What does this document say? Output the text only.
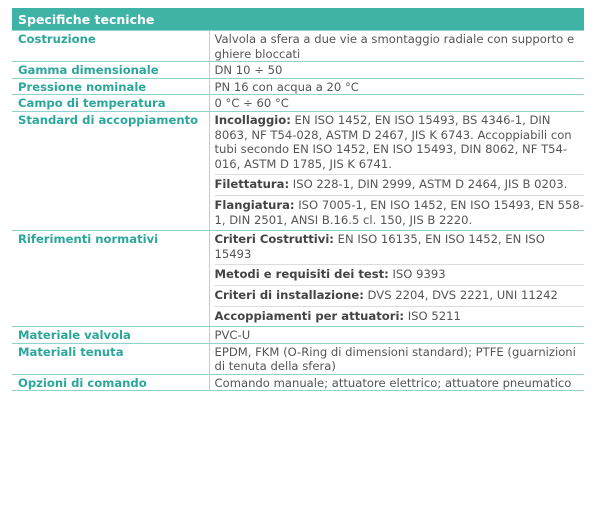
Specifiche tecniche
Costruzione	Valvola a sfera a due vie a smontaggio radiale con supporto e ghiere bloccati
Gamma dimensionale	DN 10 ÷ 50
Pressione nominale	PN 16 con acqua a 20 °C
Campo di temperatura	0 °C ÷ 60 °C
Standard di accoppiamento	Incollaggio: EN ISO 1452, EN ISO 15493, BS 4346-1, DIN 8063, NF T54-028, ASTM D 2467, JIS K 6743. Accoppiabili con tubi secondo EN ISO 1452, EN ISO 15493, DIN 8062, NF T54-016, ASTM D 1785, JIS K 6741.
Filettatura: ISO 228-1, DIN 2999, ASTM D 2464, JIS B 0203.
Flangiatura: ISO 7005-1, EN ISO 1452, EN ISO 15493, EN 558-1, DIN 2501, ANSI B.16.5 cl. 150, JIS B 2220.

Riferimenti normativi	Criteri Costruttivi: EN ISO 16135, EN ISO 1452, EN ISO 15493
Metodi e requisiti dei test: ISO 9393
Criteri di installazione: DVS 2204, DVS 2221, UNI 11242
Accoppiamenti per attuatori: ISO 5211

Materiale valvola	PVC-U
Materiali tenuta	EPDM, FKM (O-Ring di dimensioni standard); PTFE (guarnizioni di tenuta della sfera)
Opzioni di comando	Comando manuale; attuatore elettrico; attuatore pneumatico
